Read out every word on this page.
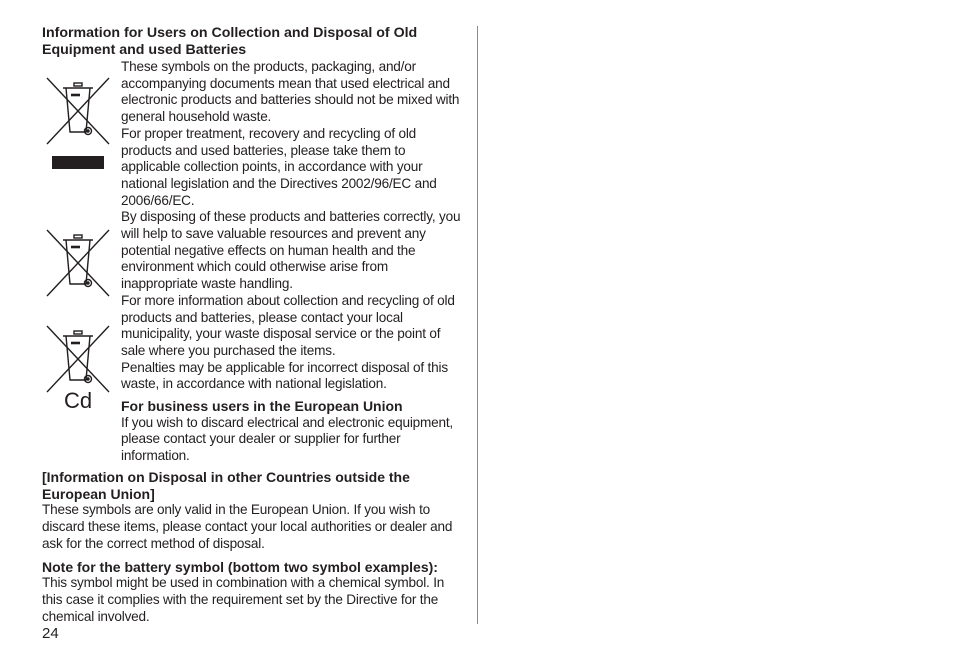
Information for Users on Collection and Disposal of Old
Equipment and used Batteries
Cd

These symbols on the products, packaging, and/or
accompanying documents mean that used electrical and
electronic products and batteries should not be mixed with
general household waste.

For proper treatment, recovery and recycling of old
products and used batteries, please take them to
applicable collection points, in accordance with your
national legislation and the Directives 2002/96/EC and
2006/66/EC.

By disposing of these products and batteries correctly, you
will help to save valuable resources and prevent any
potential negative effects on human health and the
environment which could otherwise arise from
inappropriate waste handling.

For more information about collection and recycling of old
products and batteries, please contact your local
municipality, your waste disposal service or the point of
sale where you purchased the items.

Penalties may be applicable for incorrect disposal of this
waste, in accordance with national legislation.

For business users in the European Union

If you wish to discard electrical and electronic equipment,
please contact your dealer or supplier for further
information.

[Information on Disposal in other Countries outside the
European Union]

These symbols are only valid in the European Union. If you wish to
discard these items, please contact your local authorities or dealer and
ask for the correct method of disposal.

Note for the battery symbol (bottom two symbol examples):

This symbol might be used in combination with a chemical symbol. In
this case it complies with the requirement set by the Directive for the
chemical involved.

24
